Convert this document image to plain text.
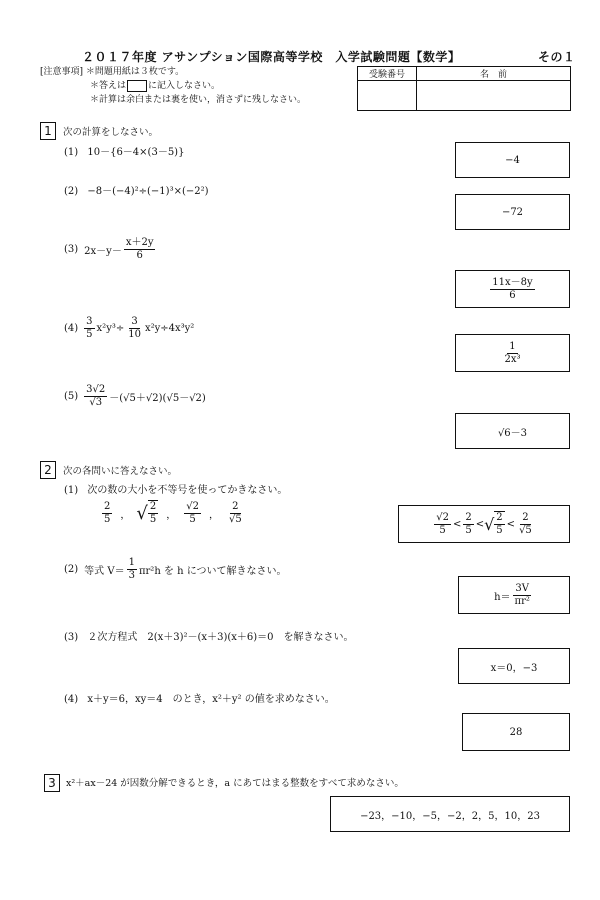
２０１７年度 アサンプション国際高等学校　入学試験問題【数学】	その１
[注意事項] ＊問題用紙は３枚です。
＊答えは に記入しなさい。
＊計算は余白または裏を使い，消さずに残しなさい。
受験番号	名　前

1	次の計算をしなさい。
(1) 10－{6－4×(3－5)}
−4
(2) −8－(−4)²÷(−1)³×(−2²)
−72
(3) $2x-y- \frac{x+2y}{6}$
$\frac{11x-8y}{6}$
$(4) \frac{3}{5} x^2y^3\div \frac{3}{10} x^2y\div 4x^3y^2$
$\frac{1}{\text{2x³}}$
$(5) \frac{3√2}{√3} -(√5+√2)(√5-√2)$
√6－3
2	次の各問いに答えなさい。
(1) 次の数の大小を不等号を使ってかきなさい。
$\frac{2}{5}$ ， √ $\frac{2}{5}$ ， $\frac{√2}{5}$ ， $\frac{2}{√5}$	$\frac{√2}{5} < \frac{2}{5}$ < √ $\frac{2}{5} < \frac{2}{√5}$
(2) 等式 $V= \frac{1}{3} \pi r^2h$ を h について解きなさい。
$h= \frac{3V}{\text{πr²}}$
(3) ２次方程式　2(x＋3)²－(x＋3)(x＋6)＝0　を解きなさい。
x＝0，−3
(4) x＋y＝6，xy＝4　のとき，x²＋y² の値を求めなさい。
28
3	x²＋ax－24 が因数分解できるとき，a にあてはまる整数をすべて求めなさい。
−23，−10，−5，−2，2，5，10，23
